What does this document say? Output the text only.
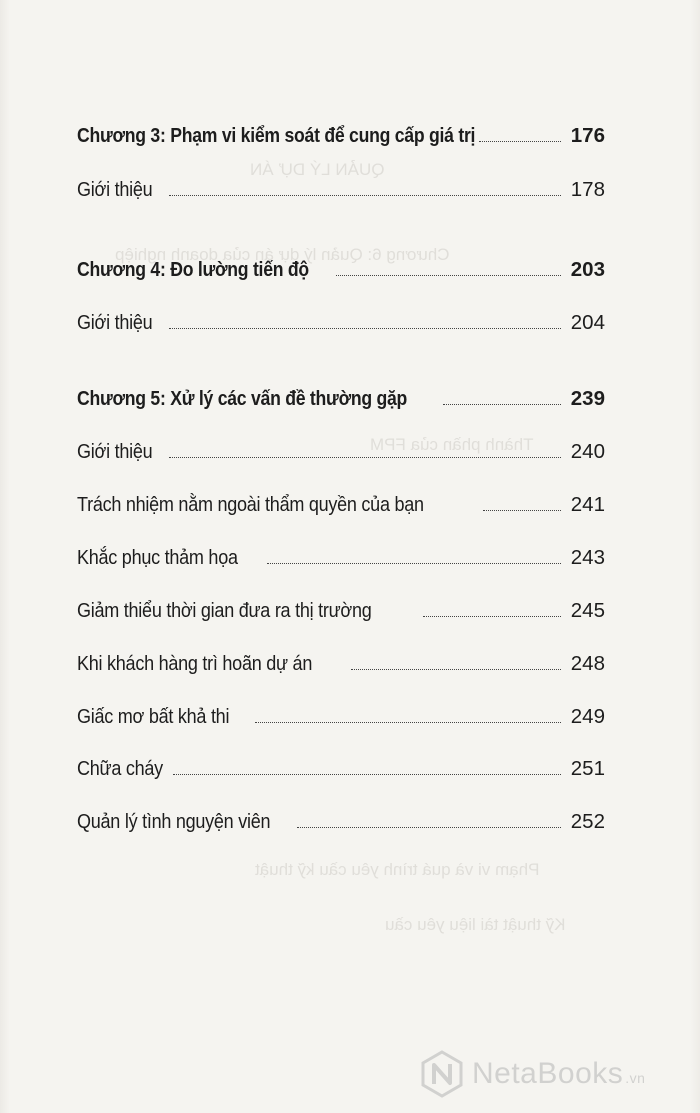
QUẢN LÝ DỰ ÁN
Chương 6: Quản lý dự án của doanh nghiệp
Thành phần của FPM
Phạm vi và quá trình yêu cầu kỹ thuật
Kỹ thuật tài liệu yêu cầu
Chương 3: Phạm vi kiểm soát để cung cấp giá trị	176
Giới thiệu	178
Chương 4: Đo lường tiến độ	203
Giới thiệu	204
Chương 5: Xử lý các vấn đề thường gặp	239
Giới thiệu	240
Trách nhiệm nằm ngoài thẩm quyền của bạn	241
Khắc phục thảm họa	243
Giảm thiểu thời gian đưa ra thị trường	245
Khi khách hàng trì hoãn dự án	248
Giấc mơ bất khả thi	249
Chữa cháy	251
Quản lý tình nguyện viên	252
NetaBooks .vn
